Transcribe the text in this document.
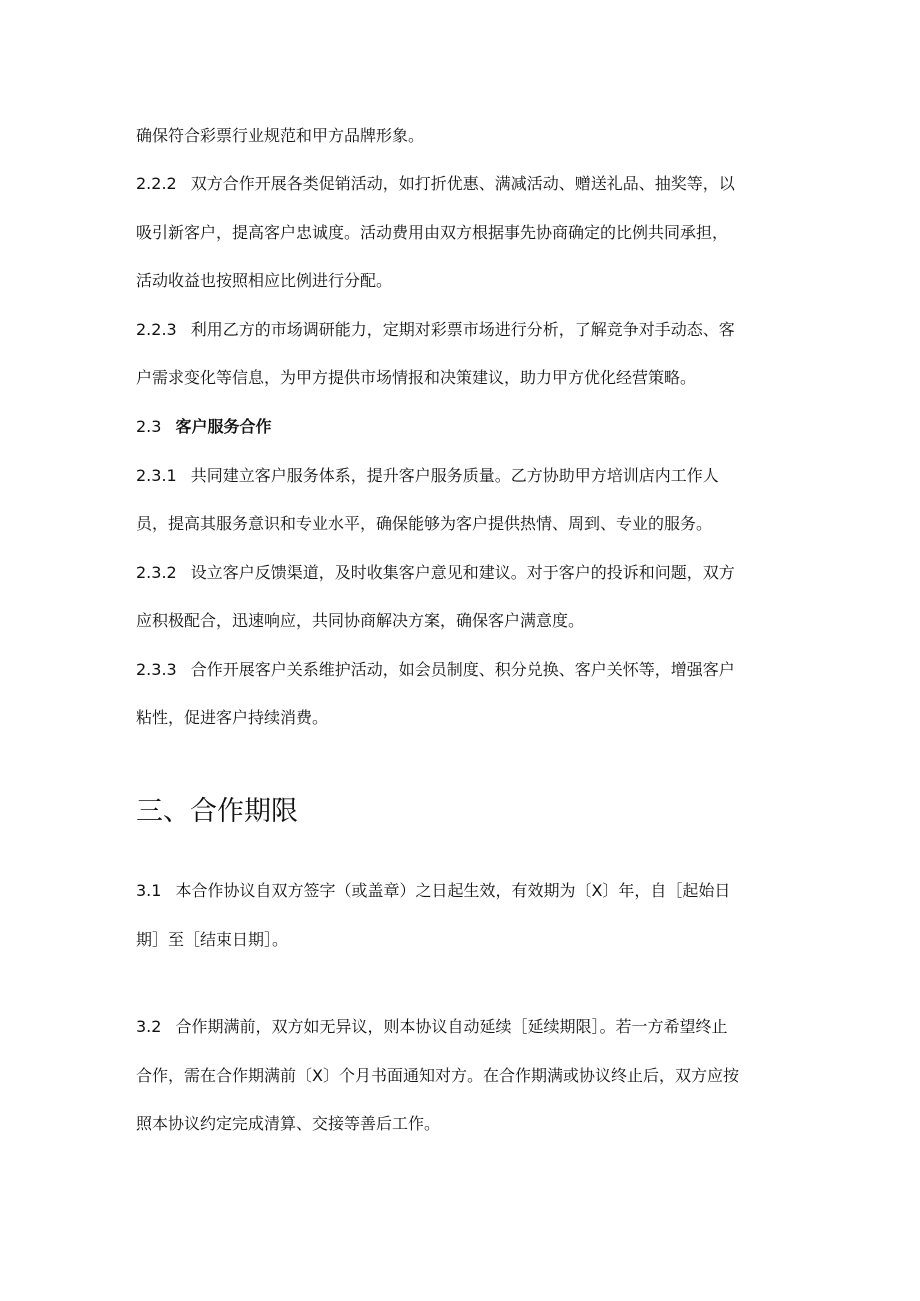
确保符合彩票行业规范和甲方品牌形象。

2.2.2 双方合作开展各类促销活动，如打折优惠、满减活动、赠送礼品、抽奖等，以

吸引新客户，提高客户忠诚度。活动费用由双方根据事先协商确定的比例共同承担，

活动收益也按照相应比例进行分配。

2.2.3 利用乙方的市场调研能力，定期对彩票市场进行分析，了解竞争对手动态、客

户需求变化等信息，为甲方提供市场情报和决策建议，助力甲方优化经营策略。

2.3 客户服务合作

2.3.1 共同建立客户服务体系，提升客户服务质量。乙方协助甲方培训店内工作人

员，提高其服务意识和专业水平，确保能够为客户提供热情、周到、专业的服务。

2.3.2 设立客户反馈渠道，及时收集客户意见和建议。对于客户的投诉和问题，双方

应积极配合，迅速响应，共同协商解决方案，确保客户满意度。

2.3.3 合作开展客户关系维护活动，如会员制度、积分兑换、客户关怀等，增强客户

粘性，促进客户持续消费。

三、合作期限

3.1 本合作协议自双方签字（或盖章）之日起生效，有效期为〔X〕年，自［起始日

期］至［结束日期］。

3.2 合作期满前，双方如无异议，则本协议自动延续［延续期限］。若一方希望终止

合作，需在合作期满前〔X〕个月书面通知对方。在合作期满或协议终止后，双方应按

照本协议约定完成清算、交接等善后工作。
